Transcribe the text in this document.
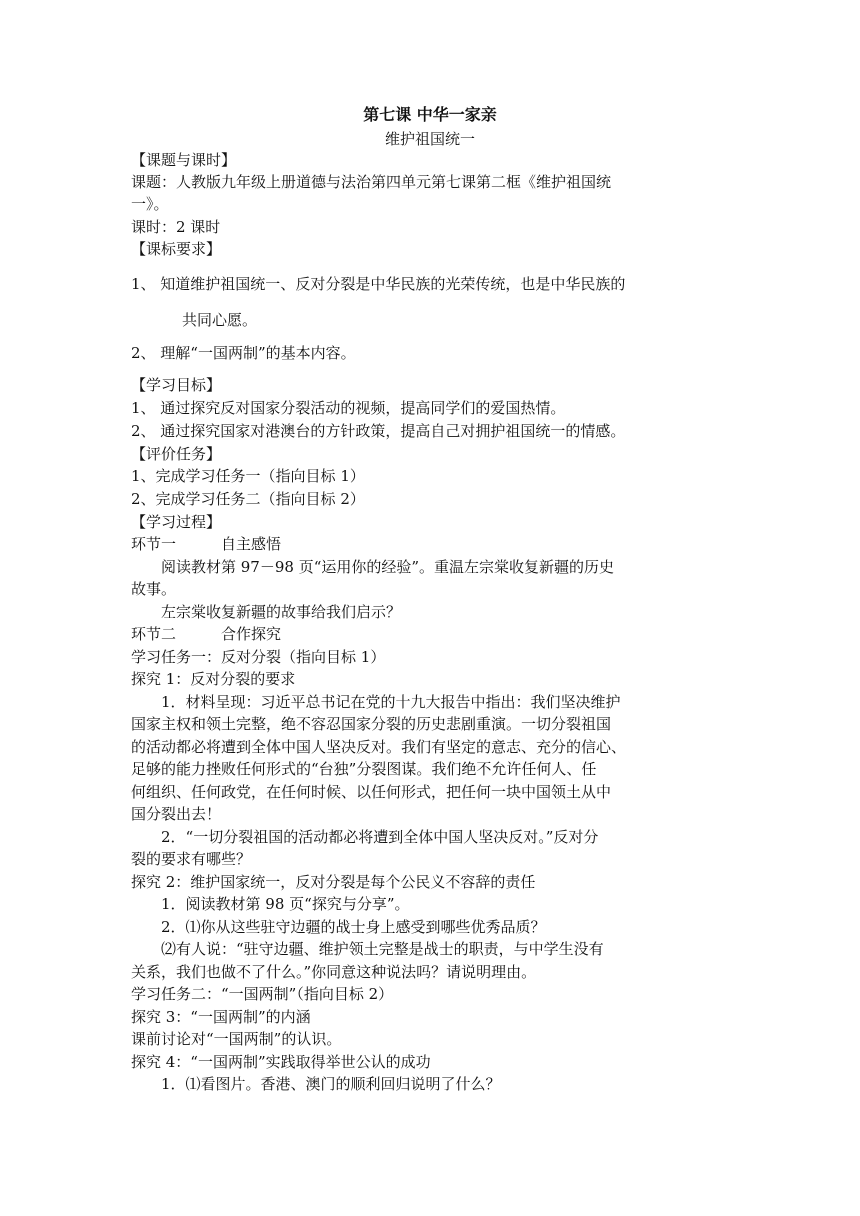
第七课 中华一家亲
维护祖国统一
【课题与课时】
课题：人教版九年级上册道德与法治第四单元第七课第二框《维护祖国统
一》。
课时：2 课时
【课标要求】
1、 知道维护祖国统一、反对分裂是中华民族的光荣传统，也是中华民族的
共同心愿。
2、 理解“一国两制”的基本内容。
【学习目标】
1、 通过探究反对国家分裂活动的视频，提高同学们的爱国热情。
2、 通过探究国家对港澳台的方针政策，提高自己对拥护祖国统一的情感。
【评价任务】
1、完成学习任务一（指向目标 1）
2、完成学习任务二（指向目标 2）
【学习过程】
环节一	自主感悟
阅读教材第 97－98 页“运用你的经验”。重温左宗棠收复新疆的历史
故事。
左宗棠收复新疆的故事给我们启示？
环节二	合作探究
学习任务一：反对分裂（指向目标 1）
探究 1：反对分裂的要求
1．材料呈现：习近平总书记在党的十九大报告中指出：我们坚决维护
国家主权和领土完整，绝不容忍国家分裂的历史悲剧重演。一切分裂祖国
的活动都必将遭到全体中国人坚决反对。我们有坚定的意志、充分的信心、
足够的能力挫败任何形式的“台独”分裂图谋。我们绝不允许任何人、任
何组织、任何政党，在任何时候、以任何形式，把任何一块中国领土从中
国分裂出去！
2．“一切分裂祖国的活动都必将遭到全体中国人坚决反对。”反对分
裂的要求有哪些？
探究 2：维护国家统一，反对分裂是每个公民义不容辞的责任
1．阅读教材第 98 页“探究与分享”。
2．⑴你从这些驻守边疆的战士身上感受到哪些优秀品质？
⑵有人说：“驻守边疆、维护领土完整是战士的职责，与中学生没有
关系，我们也做不了什么。”你同意这种说法吗？请说明理由。
学习任务二：“一国两制”（指向目标 2）
探究 3：“一国两制”的内涵
课前讨论对“一国两制”的认识。
探究 4：“一国两制”实践取得举世公认的成功
1．⑴看图片。香港、澳门的顺利回归说明了什么？
